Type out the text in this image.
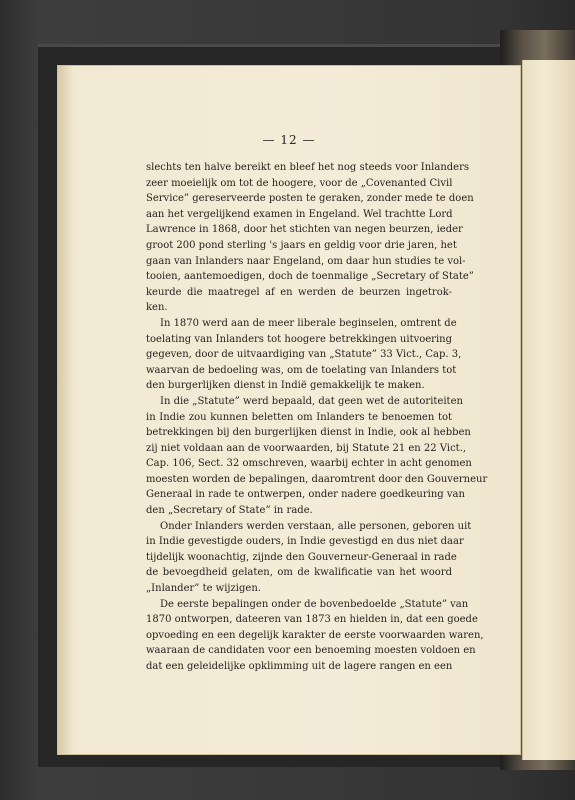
— 12 —
slechts ten halve bereikt en bleef het nog steeds voor Inlanders
zeer moeielijk om tot de hoogere, voor de „Covenanted Civil
Service” gereserveerde posten te geraken, zonder mede te doen
aan het vergelijkend examen in Engeland. Wel trachtte Lord
Lawrence in 1868, door het stichten van negen beurzen, ieder
groot 200 pond sterling 's jaars en geldig voor drie jaren, het
gaan van Inlanders naar Engeland, om daar hun studies te vol-
tooien, aantemoedigen, doch de toenmalige „Secretary of State”
keurde die maatregel af en werden de beurzen ingetrok-
ken.
In 1870 werd aan de meer liberale beginselen, omtrent de
toelating van Inlanders tot hoogere betrekkingen uitvoering
gegeven, door de uitvaardiging van „Statute” 33 Vict., Cap. 3,
waarvan de bedoeling was, om de toelating van Inlanders tot
den burgerlijken dienst in Indië gemakkelijk te maken.
In die „Statute” werd bepaald, dat geen wet de autoriteiten
in Indie zou kunnen beletten om Inlanders te benoemen tot
betrekkingen bij den burgerlijken dienst in Indie, ook al hebben
zij niet voldaan aan de voorwaarden, bij Statute 21 en 22 Vict.,
Cap. 106, Sect. 32 omschreven, waarbij echter in acht genomen
moesten worden de bepalingen, daaromtrent door den Gouverneur
Generaal in rade te ontwerpen, onder nadere goedkeuring van
den „Secretary of State” in rade.
Onder Inlanders werden verstaan, alle personen, geboren uit
in Indie gevestigde ouders, in Indie gevestigd en dus niet daar
tijdelijk woonachtig, zijnde den Gouverneur-Generaal in rade
de bevoegdheid gelaten, om de kwalificatie van het woord
„Inlander” te wijzigen.
De eerste bepalingen onder de bovenbedoelde „Statute” van
1870 ontworpen, dateeren van 1873 en hielden in, dat een goede
opvoeding en een degelijk karakter de eerste voorwaarden waren,
waaraan de candidaten voor een benoeming moesten voldoen en
dat een geleidelijke opklimming uit de lagere rangen en een
